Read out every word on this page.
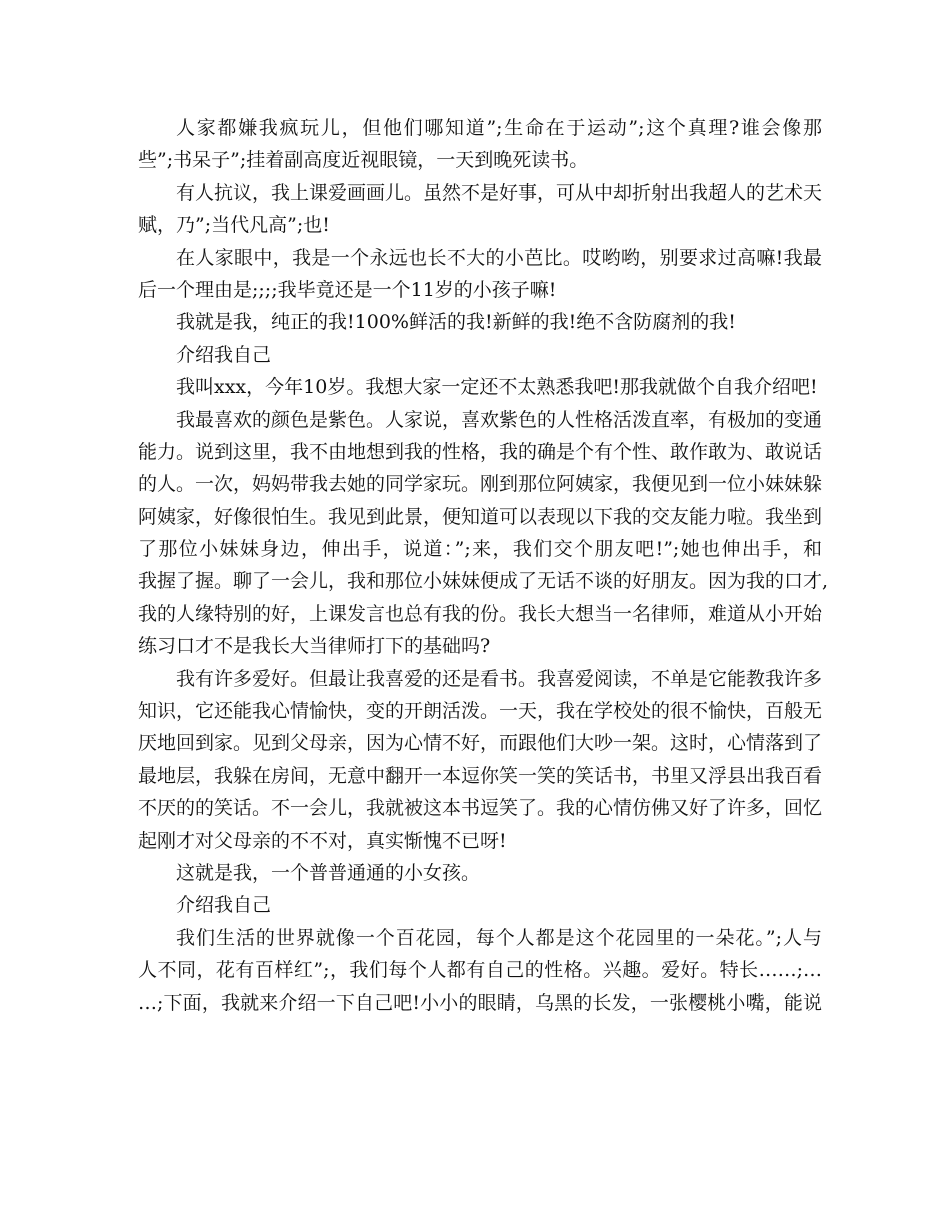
人家都嫌我疯玩儿，但他们哪知道”;生命在于运动”;这个真理?谁会像那
些”;书呆子”;挂着副高度近视眼镜，一天到晚死读书。
有人抗议，我上课爱画画儿。虽然不是好事，可从中却折射出我超人的艺术天
赋，乃”;当代凡高”;也!
在人家眼中，我是一个永远也长不大的小芭比。哎哟哟，别要求过高嘛!我最
后一个理由是;;;;我毕竟还是一个11岁的小孩子嘛!
我就是我，纯正的我!100%鲜活的我!新鲜的我!绝不含防腐剂的我!
介绍我自己
我叫xxx，今年10岁。我想大家一定还不太熟悉我吧!那我就做个自我介绍吧!
我最喜欢的颜色是紫色。人家说，喜欢紫色的人性格活泼直率，有极加的变通
能力。说到这里，我不由地想到我的性格，我的确是个有个性、敢作敢为、敢说话
的人。一次，妈妈带我去她的同学家玩。刚到那位阿姨家，我便见到一位小妹妹躲
阿姨家，好像很怕生。我见到此景，便知道可以表现以下我的交友能力啦。我坐到
了那位小妹妹身边，伸出手，说道：”;来，我们交个朋友吧!”;她也伸出手，和
我握了握。聊了一会儿，我和那位小妹妹便成了无话不谈的好朋友。因为我的口才,
我的人缘特别的好，上课发言也总有我的份。我长大想当一名律师，难道从小开始
练习口才不是我长大当律师打下的基础吗?
我有许多爱好。但最让我喜爱的还是看书。我喜爱阅读，不单是它能教我许多
知识，它还能我心情愉快，变的开朗活泼。一天，我在学校处的很不愉快，百般无
厌地回到家。见到父母亲，因为心情不好，而跟他们大吵一架。这时，心情落到了
最地层，我躲在房间，无意中翻开一本逗你笑一笑的笑话书，书里又浮县出我百看
不厌的的笑话。不一会儿，我就被这本书逗笑了。我的心情仿佛又好了许多，回忆
起刚才对父母亲的不不对，真实惭愧不已呀!
这就是我，一个普普通通的小女孩。
介绍我自己
我们生活的世界就像一个百花园，每个人都是这个花园里的一朵花。”;人与
人不同，花有百样红”;，我们每个人都有自己的性格。兴趣。爱好。特长……;…
…;下面，我就来介绍一下自己吧!小小的眼睛，乌黑的长发，一张樱桃小嘴，能说
